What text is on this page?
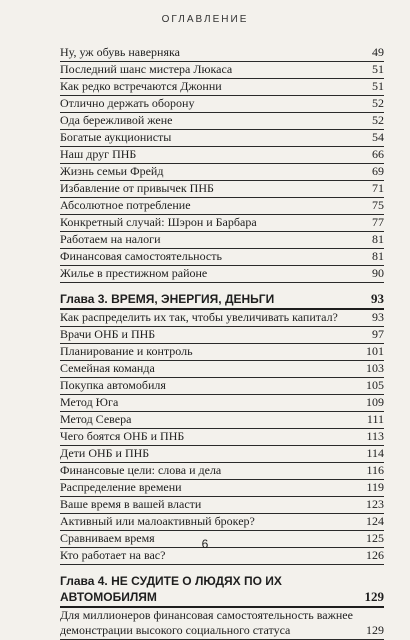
ОГЛАВЛЕНИЕ
Ну, уж обувь наверняка	49
Последний шанс мистера Люкаса	51
Как редко встречаются Джонни	51
Отлично держать оборону	52
Ода бережливой жене	52
Богатые аукционисты	54
Наш друг ПНБ	66
Жизнь семьи Фрейд	69
Избавление от привычек ПНБ	71
Абсолютное потребление	75
Конкретный случай: Шэрон и Барбара	77
Работаем на налоги	81
Финансовая самостоятельность	81
Жилье в престижном районе	90
Глава 3. ВРЕМЯ, ЭНЕРГИЯ, ДЕНЬГИ	93
Как распределить их так, чтобы увеличивать капитал?	93
Врачи ОНБ и ПНБ	97
Планирование и контроль	101
Семейная команда	103
Покупка автомобиля	105
Метод Юга	109
Метод Севера	111
Чего боятся ОНБ и ПНБ	113
Дети ОНБ и ПНБ	114
Финансовые цели: слова и дела	116
Распределение времени	119
Ваше время в вашей власти	123
Активный или малоактивный брокер?	124
Сравниваем время	125
Кто работает на вас?	126
Глава 4. НЕ СУДИТЕ О ЛЮДЯХ ПО ИХ
АВТОМОБИЛЯМ	129
Для миллионеров финансовая самостоятельность важнее
демонстрации высокого социального статуса	129
6
